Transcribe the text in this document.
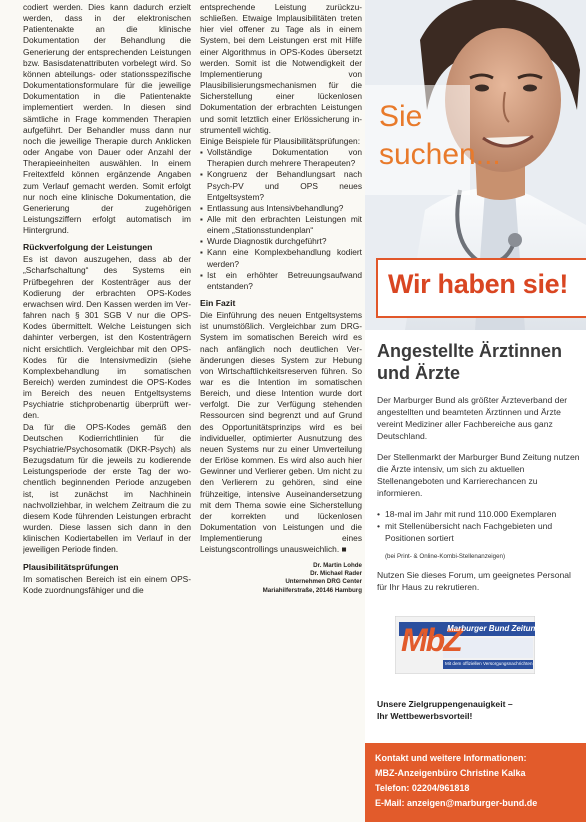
codiert werden. Dies kann dadurch erzielt werden, dass in der elektronischen Patientenakte an die klinische Dokumentation der Behandlung die Generierung der entsprechenden Leistungen bzw. Basisdatenattributen vorbelegt wird. So können abteilungs- oder stationsspezifische Dokumentationsformulare für die jeweilige Dokumentation in die Patientenakte implementiert werden. In diesen sind sämtliche in Frage kommenden Therapien aufgeführt. Der Behandler muss dann nur noch die jeweilige Therapie durch Anklicken oder Angabe von Dauer oder Anzahl der Therapieeinheiten auswählen. In einem Freitextfeld können ergänzende Angaben zum Verlauf gemacht werden. Somit erfolgt nur noch eine klinische Dokumentation, die Generierung der zugehörigen Leistungsziffern erfolgt automatisch im Hintergrund.

Rückverfolgung der Leistungen

Es ist davon auszugehen, dass ab der „Scharfschaltung“ des Systems ein Prüfbegehren der Kostenträger aus der Kodierung der erbrachten OPS-Kodes erwachsen wird. Den Kassen werden im Verfahren nach § 301 SGB V nur die OPS-Kodes übermittelt. Welche Leistungen sich dahinter verbergen, ist den Kostenträgern nicht ersichtlich. Vergleichbar mit den OPS-Kodes für die Intensivmedizin (siehe Komplexbehandlung im somatischen Bereich) werden zumindest die OPS-Kodes im Bereich des neuen Entgeltsystems Psychiatrie stichprobenartig überprüft werden.

Da für die OPS-Kodes gemäß den Deutschen Kodierrichtlinien für die Psychiatrie/Psychosomatik (DKR-Psych) als Bezugsdatum für die jeweils zu kodierende Leistungsperiode der erste Tag der wochentlich beginnenden Periode anzugeben ist, ist zunächst im Nachhinein nachvollziehbar, in welchem Zeitraum die zu diesem Kode führenden Leistungen erbracht wurden. Diese lassen sich dann in den klinischen Kodiertabellen im Verlauf in der jeweiligen Periode finden.

Plausibilitätsprüfungen

Im somatischen Bereich ist ein einem OPS-Kode zuordnungsfähiger und die

entsprechende Leistung zurückzuschließen. Etwaige Implausibilitäten treten hier viel offener zu Tage als in einem System, bei dem Leistungen erst mit Hilfe einer Algorithmus in OPS-Kodes übersetzt werden. Somit ist die Notwendigkeit der Implementierung von Plausibilisierungsmechanismen für die Sicherstellung einer lückenlosen Dokumentation der erbrachten Leistungen und somit letztlich einer Erlössicherung instrumentell wichtig.

Einige Beispiele für Plausibilitätsprüfungen:

▪ Vollständige Dokumentation von Therapien durch mehrere Therapeuten?
▪ Kongruenz der Behandlungsart nach Psych-PV und OPS neues Entgeltsystem?
▪ Entlassung aus Intensivbehandlung?
▪ Alle mit den erbrachten Leistungen mit einem „Stationsstundenplan“
▪ Wurde Diagnostik durchgeführt?
▪ Kann eine Komplexbehandlung kodiert werden?
▪ Ist ein erhöhter Betreuungsaufwand entstanden?
Ein Fazit

Die Einführung des neuen Entgeltsystems ist unumstößlich. Vergleichbar zum DRG-System im somatischen Bereich wird es nach anfänglich noch deutlichen Veränderungen dieses System zur Hebung von Wirtschaftlichkeitsreserven führen. So war es die Intention im somatischen Bereich, und diese Intention wurde dort verfolgt. Die zur Verfügung stehenden Ressourcen sind begrenzt und auf Grund des Opportunitätsprinzips wird es bei individueller, optimierter Ausnutzung des neuen Systems nur zu einer Umverteilung der Erlöse kommen. Es wird also auch hier Gewinner und Verlierer geben. Um nicht zu den Verlierern zu gehören, sind eine frühzeitige, intensive Auseinandersetzung mit dem Thema sowie eine Sicherstellung der korrekten und lückenlosen Dokumentation von Leistungen und die Implementierung eines Leistungscontrollings unausweichlich. ■

Dr. Martin Lohde
Dr. Michael Rader
Unternehmen DRG Center
Mariahilferstraße, 20146 Hamburg
Sie
suchen...
Wir haben sie!
Angestellte Ärztinnen und Ärzte

Der Marburger Bund als größter Ärzteverband der angestellten und beamteten Ärztinnen und Ärzte vereint Mediziner aller Fachbereiche aus ganz Deutschland.

Der Stellenmarkt der Marburger Bund Zeitung nutzen die Ärzte intensiv, um sich zu aktuellen Stellenangeboten und Karrierechancen zu informieren.

• 18-mal im Jahr mit rund 110.000 Exemplaren
• mit Stellenübersicht nach Fachgebieten und Positionen sortiert
(bei Print- & Online-Kombi-Stellenanzeigen)

Nutzen Sie dieses Forum, um geeignetes Personal für Ihr Haus zu rekrutieren.

MbZ
Marburger Bund Zeitung
Mit dem offiziellen Versorgungsnachrichten
Unsere Zielgruppengenauigkeit –
Ihr Wettbewerbsvorteil!
Kontakt und weitere Informationen:
MBZ-Anzeigenbüro Christine Kalka
Telefon: 02204/961818
E-Mail: anzeigen@marburger-bund.de
